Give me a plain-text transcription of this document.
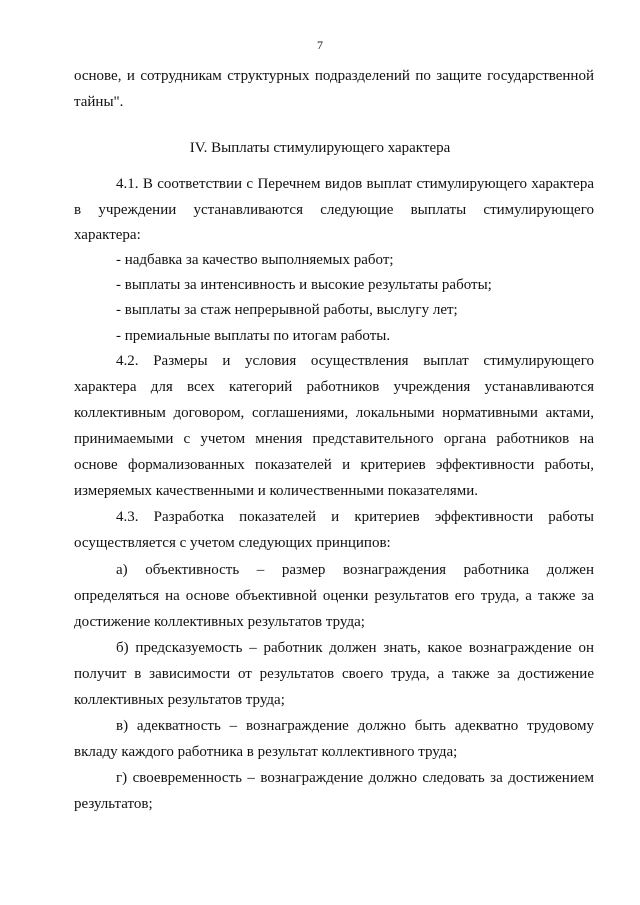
7
основе, и сотрудникам структурных подразделений по защите государственной
тайны".
IV. Выплаты стимулирующего характера
4.1. В соответствии с Перечнем видов выплат стимулирующего характера
в учреждении устанавливаются следующие выплаты стимулирующего
характера:
- надбавка за качество выполняемых работ;
- выплаты за интенсивность и высокие результаты работы;
- выплаты за стаж непрерывной работы, выслугу лет;
- премиальные выплаты по итогам работы.
4.2. Размеры и условия осуществления выплат стимулирующего
характера для всех категорий работников учреждения устанавливаются
коллективным договором, соглашениями, локальными нормативными актами,
принимаемыми с учетом мнения представительного органа работников на
основе формализованных показателей и критериев эффективности работы,
измеряемых качественными и количественными показателями.
4.3. Разработка показателей и критериев эффективности работы
осуществляется с учетом следующих принципов:
а) объективность – размер вознаграждения работника должен
определяться на основе объективной оценки результатов его труда, а также за
достижение коллективных результатов труда;
б) предсказуемость – работник должен знать, какое вознаграждение он
получит в зависимости от результатов своего труда, а также за достижение
коллективных результатов труда;
в) адекватность – вознаграждение должно быть адекватно трудовому
вкладу каждого работника в результат коллективного труда;
г) своевременность – вознаграждение должно следовать за достижением
результатов;
